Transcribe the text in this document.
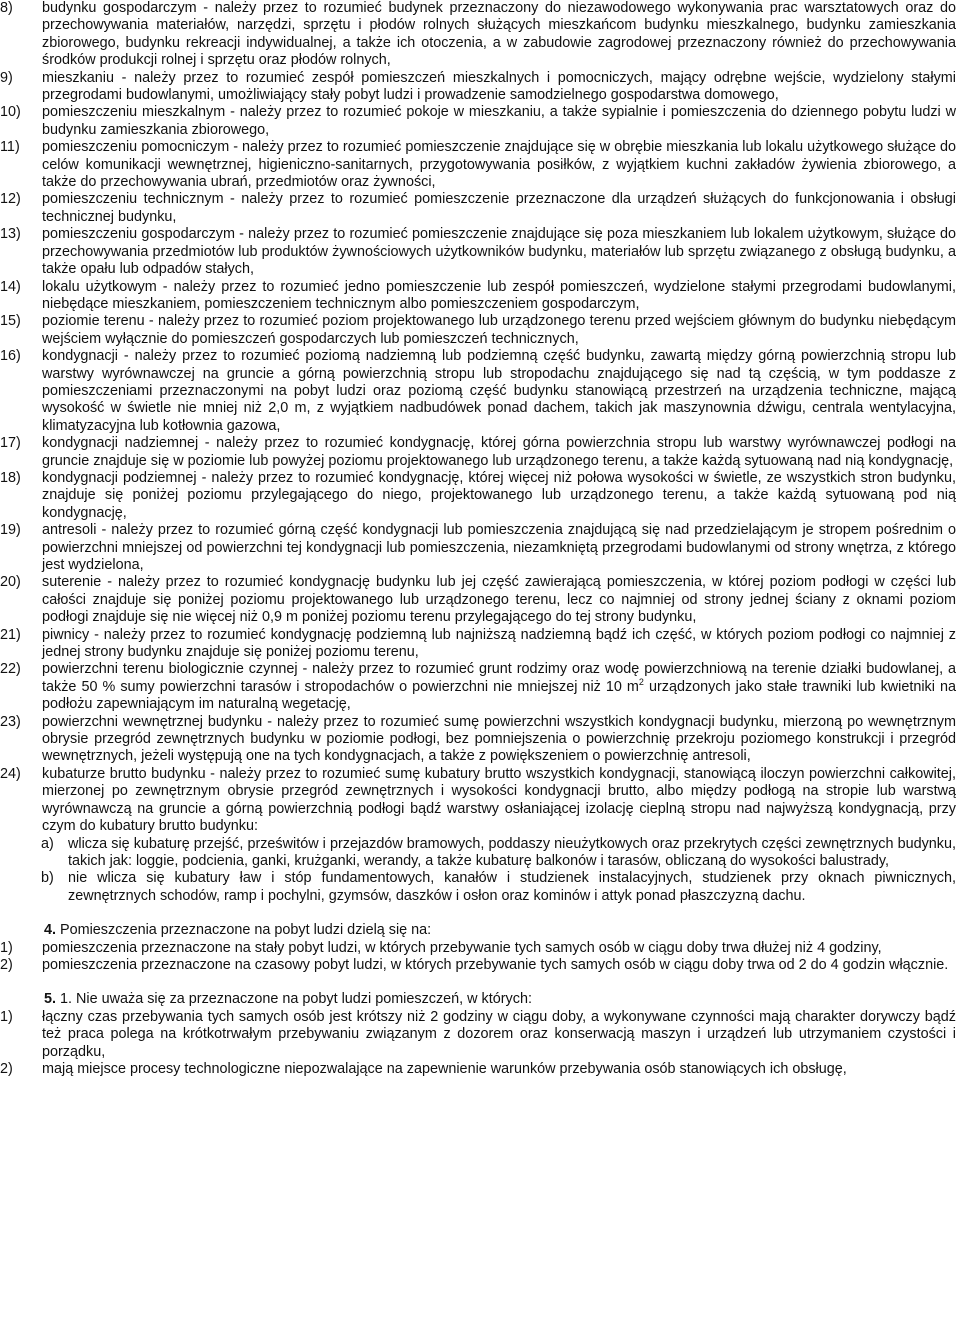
8) budynku gospodarczym - należy przez to rozumieć budynek przeznaczony do niezawodowego wykonywania prac warsztatowych oraz do przechowywania materiałów, narzędzi, sprzętu i płodów rolnych służących mieszkańcom budynku mieszkalnego, budynku zamieszkania zbiorowego, budynku rekreacji indywidualnej, a także ich otoczenia, a w zabudowie zagrodowej przeznaczony również do przechowywania środków produkcji rolnej i sprzętu oraz płodów rolnych,
9) mieszkaniu - należy przez to rozumieć zespół pomieszczeń mieszkalnych i pomocniczych, mający odrębne wejście, wydzielony stałymi przegrodami budowlanymi, umożliwiający stały pobyt ludzi i prowadzenie samodzielnego gospodarstwa domowego,
10) pomieszczeniu mieszkalnym - należy przez to rozumieć pokoje w mieszkaniu, a także sypialnie i pomieszczenia do dziennego pobytu ludzi w budynku zamieszkania zbiorowego,
11) pomieszczeniu pomocniczym - należy przez to rozumieć pomieszczenie znajdujące się w obrębie mieszkania lub lokalu użytkowego służące do celów komunikacji wewnętrznej, higieniczno-sanitarnych, przygotowywania posiłków, z wyjątkiem kuchni zakładów żywienia zbiorowego, a także do przechowywania ubrań, przedmiotów oraz żywności,
12) pomieszczeniu technicznym - należy przez to rozumieć pomieszczenie przeznaczone dla urządzeń służących do funkcjonowania i obsługi technicznej budynku,
13) pomieszczeniu gospodarczym - należy przez to rozumieć pomieszczenie znajdujące się poza mieszkaniem lub lokalem użytkowym, służące do przechowywania przedmiotów lub produktów żywnościowych użytkowników budynku, materiałów lub sprzętu związanego z obsługą budynku, a także opału lub odpadów stałych,
14) lokalu użytkowym - należy przez to rozumieć jedno pomieszczenie lub zespół pomieszczeń, wydzielone stałymi przegrodami budowlanymi, niebędące mieszkaniem, pomieszczeniem technicznym albo pomieszczeniem gospodarczym,
15) poziomie terenu - należy przez to rozumieć poziom projektowanego lub urządzonego terenu przed wejściem głównym do budynku niebędącym wejściem wyłącznie do pomieszczeń gospodarczych lub pomieszczeń technicznych,
16) kondygnacji - należy przez to rozumieć poziomą nadziemną lub podziemną część budynku, zawartą między górną powierzchnią stropu lub warstwy wyrównawczej na gruncie a górną powierzchnią stropu lub stropodachu znajdującego się nad tą częścią, w tym poddasze z pomieszczeniami przeznaczonymi na pobyt ludzi oraz poziomą część budynku stanowiącą przestrzeń na urządzenia techniczne, mającą wysokość w świetle nie mniej niż 2,0 m, z wyjątkiem nadbudówek ponad dachem, takich jak maszynownia dźwigu, centrala wentylacyjna, klimatyzacyjna lub kotłownia gazowa,
17) kondygnacji nadziemnej - należy przez to rozumieć kondygnację, której górna powierzchnia stropu lub warstwy wyrównawczej podłogi na gruncie znajduje się w poziomie lub powyżej poziomu projektowanego lub urządzonego terenu, a także każdą sytuowaną nad nią kondygnację,
18) kondygnacji podziemnej - należy przez to rozumieć kondygnację, której więcej niż połowa wysokości w świetle, ze wszystkich stron budynku, znajduje się poniżej poziomu przylegającego do niego, projektowanego lub urządzonego terenu, a także każdą sytuowaną pod nią kondygnację,
19) antresoli - należy przez to rozumieć górną część kondygnacji lub pomieszczenia znajdującą się nad przedzielającym je stropem pośrednim o powierzchni mniejszej od powierzchni tej kondygnacji lub pomieszczenia, niezamkniętą przegrodami budowlanymi od strony wnętrza, z którego jest wydzielona,
20) suterenie - należy przez to rozumieć kondygnację budynku lub jej część zawierającą pomieszczenia, w której poziom podłogi w części lub całości znajduje się poniżej poziomu projektowanego lub urządzonego terenu, lecz co najmniej od strony jednej ściany z oknami poziom podłogi znajduje się nie więcej niż 0,9 m poniżej poziomu terenu przylegającego do tej strony budynku,
21) piwnicy - należy przez to rozumieć kondygnację podziemną lub najniższą nadziemną bądź ich część, w których poziom podłogi co najmniej z jednej strony budynku znajduje się poniżej poziomu terenu,
22) powierzchni terenu biologicznie czynnej - należy przez to rozumieć grunt rodzimy oraz wodę powierzchniową na terenie działki budowlanej, a także 50 % sumy powierzchni tarasów i stropodachów o powierzchni nie mniejszej niż 10 $m^2$ urządzonych jako stałe trawniki lub kwietniki na podłożu zapewniającym im naturalną wegetację,
23) powierzchni wewnętrznej budynku - należy przez to rozumieć sumę powierzchni wszystkich kondygnacji budynku, mierzoną po wewnętrznym obrysie przegród zewnętrznych budynku w poziomie podłogi, bez pomniejszenia o powierzchnię przekroju poziomego konstrukcji i przegród wewnętrznych, jeżeli występują one na tych kondygnacjach, a także z powiększeniem o powierzchnię antresoli,
24) kubaturze brutto budynku - należy przez to rozumieć sumę kubatury brutto wszystkich kondygnacji, stanowiącą iloczyn powierzchni całkowitej, mierzonej po zewnętrznym obrysie przegród zewnętrznych i wysokości kondygnacji brutto, albo między podłogą na stropie lub warstwą wyrównawczą na gruncie a górną powierzchnią podłogi bądź warstwy osłaniającej izolację cieplną stropu nad najwyższą kondygnacją, przy czym do kubatury brutto budynku:
a) wlicza się kubaturę przejść, prześwitów i przejazdów bramowych, poddaszy nieużytkowych oraz przekrytych części zewnętrznych budynku, takich jak: loggie, podcienia, ganki, krużganki, werandy, a także kubaturę balkonów i tarasów, obliczaną do wysokości balustrady,
b) nie wlicza się kubatury ław i stóp fundamentowych, kanałów i studzienek instalacyjnych, studzienek przy oknach piwnicznych, zewnętrznych schodów, ramp i pochylni, gzymsów, daszków i osłon oraz kominów i attyk ponad płaszczyzną dachu.
4. Pomieszczenia przeznaczone na pobyt ludzi dzielą się na:
1) pomieszczenia przeznaczone na stały pobyt ludzi, w których przebywanie tych samych osób w ciągu doby trwa dłużej niż 4 godziny,
2) pomieszczenia przeznaczone na czasowy pobyt ludzi, w których przebywanie tych samych osób w ciągu doby trwa od 2 do 4 godzin włącznie.
5. 1. Nie uważa się za przeznaczone na pobyt ludzi pomieszczeń, w których:
1) łączny czas przebywania tych samych osób jest krótszy niż 2 godziny w ciągu doby, a wykonywane czynności mają charakter dorywczy bądź też praca polega na krótkotrwałym przebywaniu związanym z dozorem oraz konserwacją maszyn i urządzeń lub utrzymaniem czystości i porządku,
2) mają miejsce procesy technologiczne niepozwalające na zapewnienie warunków przebywania osób stanowiących ich obsługę,
